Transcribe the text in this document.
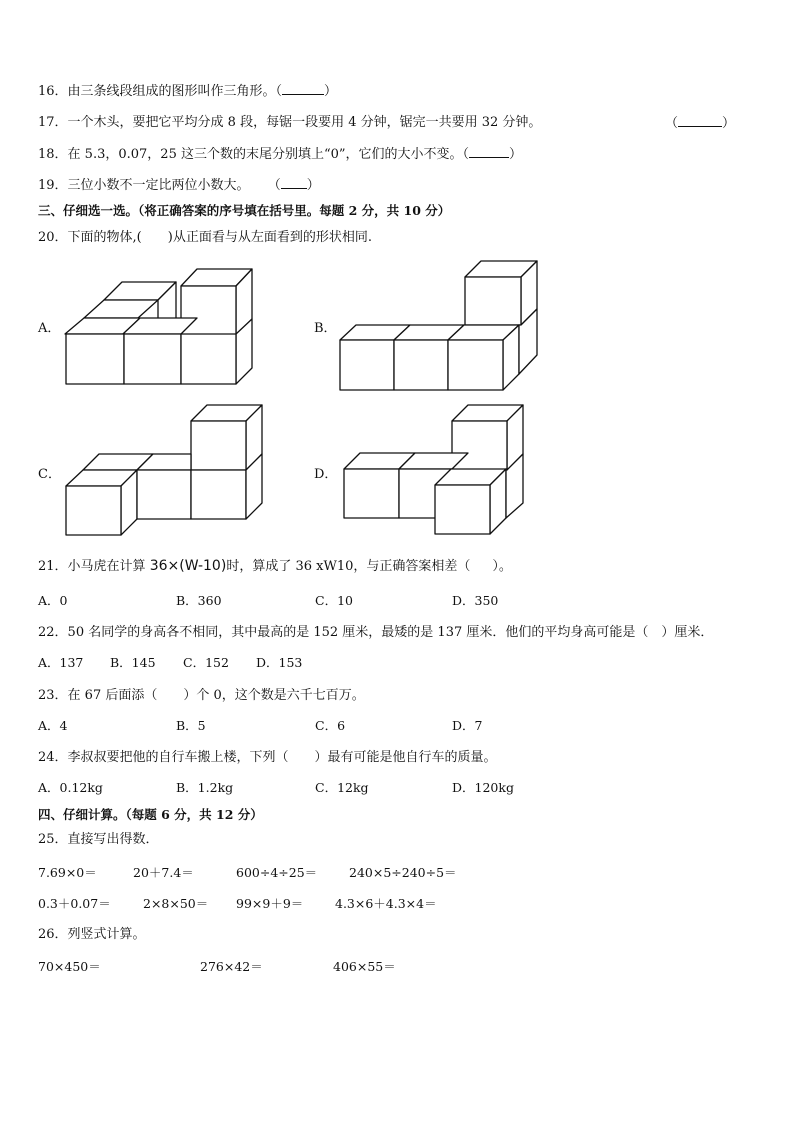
16．由三条线段组成的图形叫作三角形。（	）
17．一个木头，要把它平均分成 8 段，每锯一段要用 4 分钟，锯完一共要用 32 分钟。	（	）
18．在 5.3，0.07，25 这三个数的末尾分别填上“0”，它们的大小不变。（	）
19．三位小数不一定比两位小数大。 （ ）
三、仔细选一选。（将正确答案的序号填在括号里。每题 2 分，共 10 分）
20．下面的物体,(　　)从正面看与从左面看到的形状相同.
A．	B．
C．	D．
21．小马虎在计算 36×(W-10)时，算成了 36 xW10，与正确答案相差（ ）。
A．0	B．360	C．10	D．350
22．50 名同学的身高各不相同，其中最高的是 152 厘米，最矮的是 137 厘米．他们的平均身高可能是（　）厘米．
A．137 B．145 C．152 D．153
23．在 67 后面添（　　）个 0，这个数是六千七百万。
A．4	B．5	C．6	D．7
24．李叔叔要把他的自行车搬上楼，下列（　　）最有可能是他自行车的质量。
A．0.12kg	B．1.2kg	C．12kg	D．120kg
四、仔细计算。（每题 6 分，共 12 分）
25．直接写出得数．
7.69×0＝	20＋7.4＝	600÷4÷25＝	240×5÷240÷5＝
0.3＋0.07＝	2×8×50＝ 99×9＋9＝	4.3×6＋4.3×4＝
26．列竖式计算。
70×450＝	276×42＝	406×55＝
